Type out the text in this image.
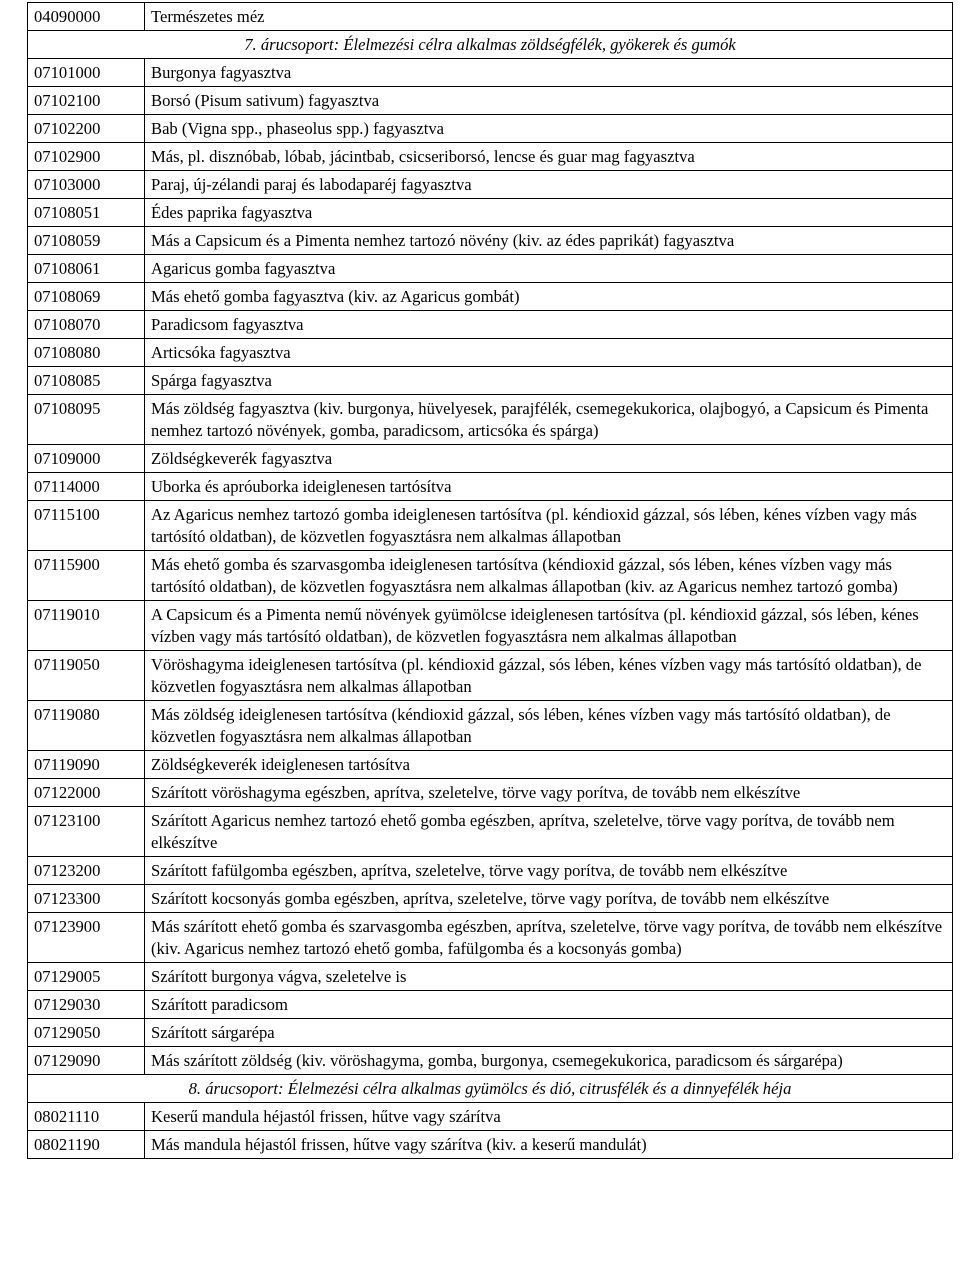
04090000	Természetes méz
7. árucsoport: Élelmezési célra alkalmas zöldségfélék, gyökerek és gumók	
07101000	Burgonya fagyasztva
07102100	Borsó (Pisum sativum) fagyasztva
07102200	Bab (Vigna spp., phaseolus spp.) fagyasztva
07102900	Más, pl. disznóbab, lóbab, jácintbab, csicseriborsó, lencse és guar mag fagyasztva
07103000	Paraj, új-zélandi paraj és labodaparéj fagyasztva
07108051	Édes paprika fagyasztva
07108059	Más a Capsicum és a Pimenta nemhez tartozó növény (kiv. az édes paprikát) fagyasztva
07108061	Agaricus gomba fagyasztva
07108069	Más ehető gomba fagyasztva (kiv. az Agaricus gombát)
07108070	Paradicsom fagyasztva
07108080	Articsóka fagyasztva
07108085	Spárga fagyasztva
07108095	Más zöldség fagyasztva (kiv. burgonya, hüvelyesek, parajfélék, csemegekukorica, olajbogyó, a Capsicum és Pimenta nemhez tartozó növények, gomba, paradicsom, articsóka és spárga)
07109000	Zöldségkeverék fagyasztva
07114000	Uborka és apróuborka ideiglenesen tartósítva
07115100	Az Agaricus nemhez tartozó gomba ideiglenesen tartósítva (pl. kéndioxid gázzal, sós lében, kénes vízben vagy más tartósító oldatban), de közvetlen fogyasztásra nem alkalmas állapotban
07115900	Más ehető gomba és szarvasgomba ideiglenesen tartósítva (kéndioxid gázzal, sós lében, kénes vízben vagy más tartósító oldatban), de közvetlen fogyasztásra nem alkalmas állapotban (kiv. az Agaricus nemhez tartozó gomba)
07119010	A Capsicum és a Pimenta nemű növények gyümölcse ideiglenesen tartósítva (pl. kéndioxid gázzal, sós lében, kénes vízben vagy más tartósító oldatban), de közvetlen fogyasztásra nem alkalmas állapotban
07119050	Vöröshagyma ideiglenesen tartósítva (pl. kéndioxid gázzal, sós lében, kénes vízben vagy más tartósító oldatban), de közvetlen fogyasztásra nem alkalmas állapotban
07119080	Más zöldség ideiglenesen tartósítva (kéndioxid gázzal, sós lében, kénes vízben vagy más tartósító oldatban), de közvetlen fogyasztásra nem alkalmas állapotban
07119090	Zöldségkeverék ideiglenesen tartósítva
07122000	Szárított vöröshagyma egészben, aprítva, szeletelve, törve vagy porítva, de tovább nem elkészítve
07123100	Szárított Agaricus nemhez tartozó ehető gomba egészben, aprítva, szeletelve, törve vagy porítva, de tovább nem elkészítve
07123200	Szárított fafülgomba egészben, aprítva, szeletelve, törve vagy porítva, de tovább nem elkészítve
07123300	Szárított kocsonyás gomba egészben, aprítva, szeletelve, törve vagy porítva, de tovább nem elkészítve
07123900	Más szárított ehető gomba és szarvasgomba egészben, aprítva, szeletelve, törve vagy porítva, de tovább nem elkészítve (kiv. Agaricus nemhez tartozó ehető gomba, fafülgomba és a kocsonyás gomba)
07129005	Szárított burgonya vágva, szeletelve is
07129030	Szárított paradicsom
07129050	Szárított sárgarépa
07129090	Más szárított zöldség (kiv. vöröshagyma, gomba, burgonya, csemegekukorica, paradicsom és sárgarépa)
8. árucsoport: Élelmezési célra alkalmas gyümölcs és dió, citrusfélék és a dinnyefélék héja	
08021110	Keserű mandula héjastól frissen, hűtve vagy szárítva
08021190	Más mandula héjastól frissen, hűtve vagy szárítva (kiv. a keserű mandulát)
